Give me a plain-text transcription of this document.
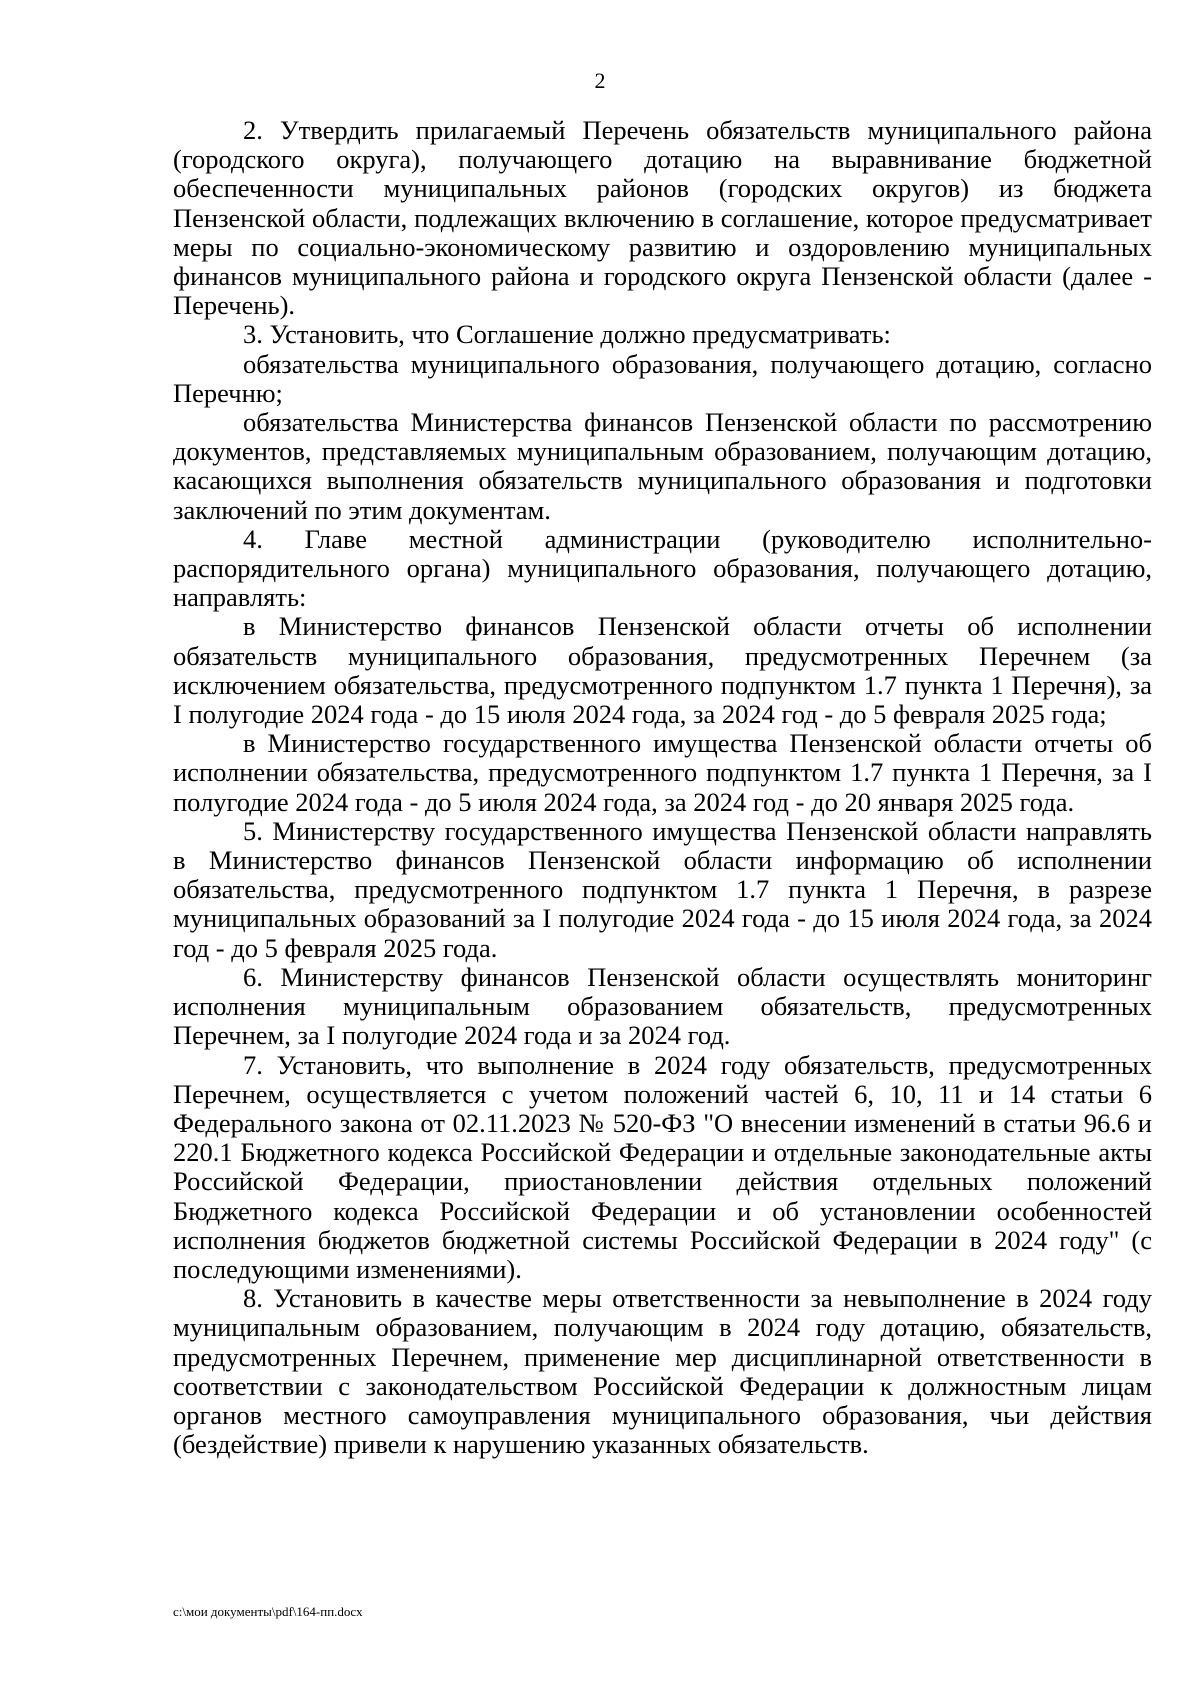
2

2. Утвердить прилагаемый Перечень обязательств муниципального района (городского округа), получающего дотацию на выравнивание бюджетной обеспеченности муниципальных районов (городских округов) из бюджета Пензенской области, подлежащих включению в соглашение, которое предусматривает меры по социально-экономическому развитию и оздоровлению муниципальных финансов муниципального района и городского округа Пензенской области (далее - Перечень).

3. Установить, что Соглашение должно предусматривать:

обязательства муниципального образования, получающего дотацию, согласно Перечню;

обязательства Министерства финансов Пензенской области по рассмотрению документов, представляемых муниципальным образованием, получающим дотацию, касающихся выполнения обязательств муниципального образования и подготовки заключений по этим документам.

4. Главе местной администрации (руководителю исполнительно-распорядительного органа) муниципального образования, получающего дотацию, направлять:

в Министерство финансов Пензенской области отчеты об исполнении обязательств муниципального образования, предусмотренных Перечнем (за исключением обязательства, предусмотренного подпунктом 1.7 пункта 1 Перечня), за I полугодие 2024 года - до 15 июля 2024 года, за 2024 год - до 5 февраля 2025 года;

в Министерство государственного имущества Пензенской области отчеты об исполнении обязательства, предусмотренного подпунктом 1.7 пункта 1 Перечня, за I полугодие 2024 года - до 5 июля 2024 года, за 2024 год - до 20 января 2025 года.

5. Министерству государственного имущества Пензенской области направлять в Министерство финансов Пензенской области информацию об исполнении обязательства, предусмотренного подпунктом 1.7 пункта 1 Перечня, в разрезе муниципальных образований за I полугодие 2024 года - до 15 июля 2024 года, за 2024 год - до 5 февраля 2025 года.

6. Министерству финансов Пензенской области осуществлять мониторинг исполнения муниципальным образованием обязательств, предусмотренных Перечнем, за I полугодие 2024 года и за 2024 год.

7. Установить, что выполнение в 2024 году обязательств, предусмотренных Перечнем, осуществляется с учетом положений частей 6, 10, 11 и 14 статьи 6 Федерального закона от 02.11.2023 № 520-ФЗ "О внесении изменений в статьи 96.6 и 220.1 Бюджетного кодекса Российской Федерации и отдельные законодательные акты Российской Федерации, приостановлении действия отдельных положений Бюджетного кодекса Российской Федерации и об установлении особенностей исполнения бюджетов бюджетной системы Российской Федерации в 2024 году" (с последующими изменениями).

8. Установить в качестве меры ответственности за невыполнение в 2024 году муниципальным образованием, получающим в 2024 году дотацию, обязательств, предусмотренных Перечнем, применение мер дисциплинарной ответственности в соответствии с законодательством Российской Федерации к должностным лицам органов местного самоуправления муниципального образования, чьи действия (бездействие) привели к нарушению указанных обязательств.

c:\мои документы\pdf\164-пп.docx
